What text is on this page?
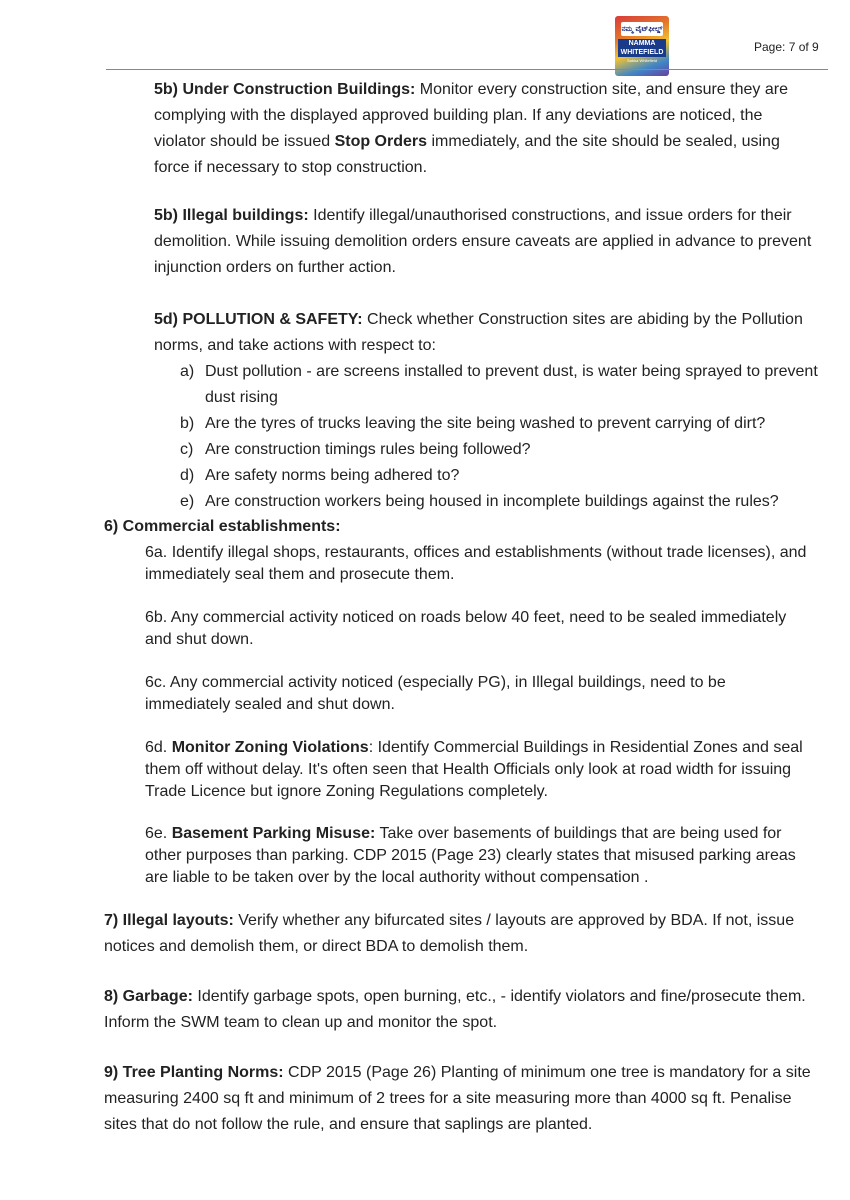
ನಮ್ಮ ವೈಟ್‌ಫೀಲ್ಡ್
NAMMA
WHITEFIELD
Sabka Whitefield
Page: 7 of 9

5b) Under Construction Buildings: Monitor every construction site, and ensure they are complying with the displayed approved building plan. If any deviations are noticed, the violator should be issued Stop Orders immediately, and the site should be sealed, using force if necessary to stop construction.

5b) Illegal buildings: Identify illegal/unauthorised constructions, and issue orders for their demolition. While issuing demolition orders ensure caveats are applied in advance to prevent injunction orders on further action.

5d) POLLUTION & SAFETY: Check whether Construction sites are abiding by the Pollution norms, and take actions with respect to:

a) Dust pollution - are screens installed to prevent dust, is water being sprayed to prevent
dust rising
b) Are the tyres of trucks leaving the site being washed to prevent carrying of dirt?
c) Are construction timings rules being followed?
d) Are safety norms being adhered to?
e) Are construction workers being housed in incomplete buildings against the rules?

6) Commercial establishments:

6a. Identify illegal shops, restaurants, offices and establishments (without trade licenses), and immediately seal them and prosecute them.

6b. Any commercial activity noticed on roads below 40 feet, need to be sealed immediately and shut down.

6c. Any commercial activity noticed (especially PG), in Illegal buildings, need to be immediately sealed and shut down.

6d. Monitor Zoning Violations: Identify Commercial Buildings in Residential Zones and seal them off without delay. It's often seen that Health Officials only look at road width for issuing Trade Licence but ignore Zoning Regulations completely.

6e. Basement Parking Misuse: Take over basements of buildings that are being used for other purposes than parking. CDP 2015 (Page 23) clearly states that misused parking areas are liable to be taken over by the local authority without compensation .

7) Illegal layouts: Verify whether any bifurcated sites / layouts are approved by BDA. If not, issue notices and demolish them, or direct BDA to demolish them.

8) Garbage: Identify garbage spots, open burning, etc., - identify violators and fine/prosecute them. Inform the SWM team to clean up and monitor the spot.

9) Tree Planting Norms: CDP 2015 (Page 26) Planting of minimum one tree is mandatory for a site measuring 2400 sq ft and minimum of 2 trees for a site measuring more than 4000 sq ft. Penalise sites that do not follow the rule, and ensure that saplings are planted.
